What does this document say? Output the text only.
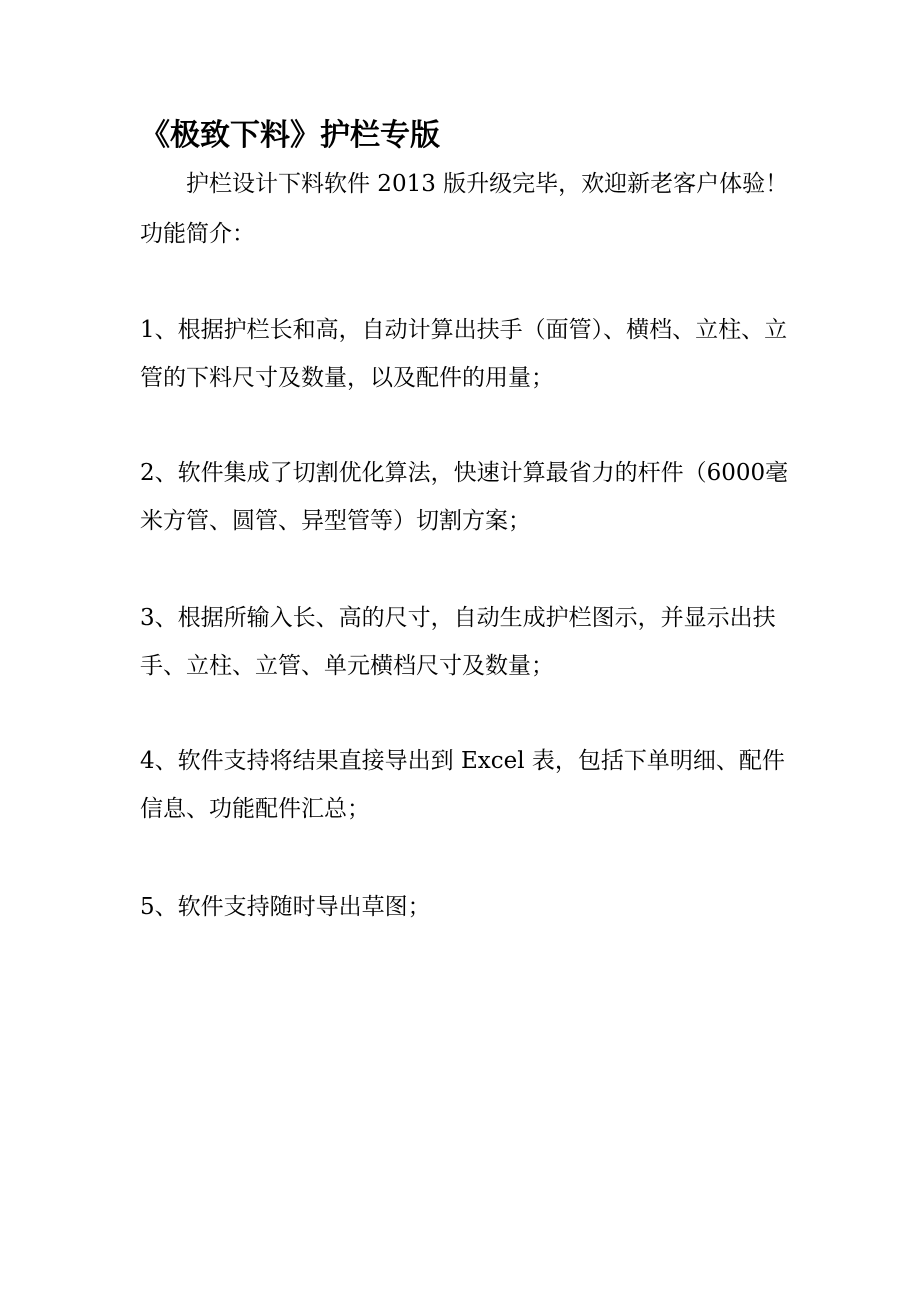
《极致下料》护栏专版

护栏设计下料软件 2013 版升级完毕，欢迎新老客户体验！

功能简介：

1、根据护栏长和高，自动计算出扶手（面管）、横档、立柱、立管的下料尺寸及数量，以及配件的用量；

2、软件集成了切割优化算法，快速计算最省力的杆件（6000毫米方管、圆管、异型管等）切割方案；

3、根据所输入长、高的尺寸，自动生成护栏图示，并显示出扶手、立柱、立管、单元横档尺寸及数量；

4、软件支持将结果直接导出到 Excel 表，包括下单明细、配件信息、功能配件汇总；

5、软件支持随时导出草图；
